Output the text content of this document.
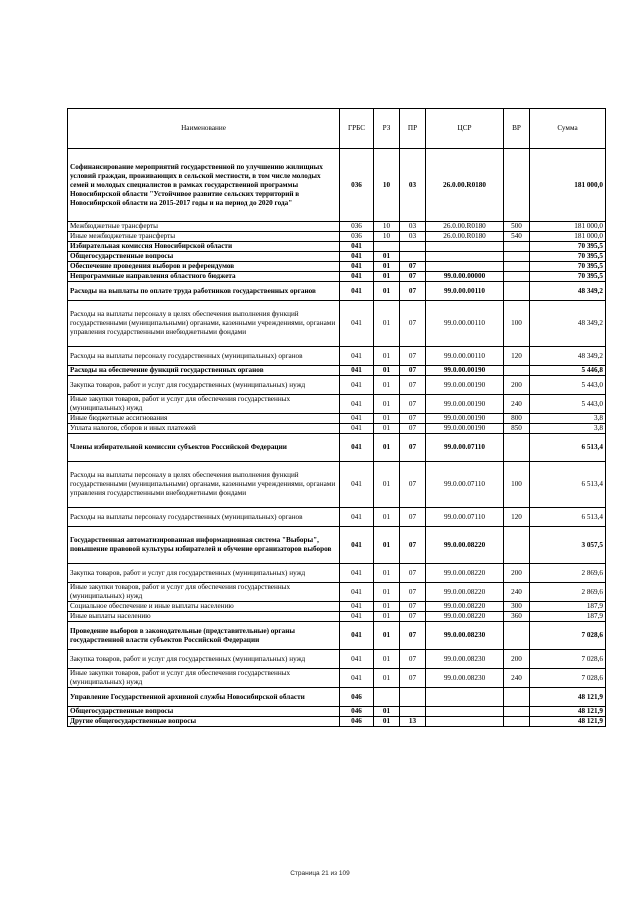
Наименование	ГРБС	РЗ	ПР	ЦСР	ВР	Сумма
Софинансирование мероприятий государственной по улучшению жилищных условий граждан, проживающих в сельской местности, в том числе молодых семей и молодых специалистов в рамках государственной программы Новосибирской области "Устойчивое развитие сельских территорий в Новосибирской области на 2015-2017 годы и на период до 2020 года"	036	10	03	26.0.00.R0180		181 000,0
Межбюджетные трансферты	036	10	03	26.0.00.R0180	500	181 000,0
Иные межбюджетные трансферты	036	10	03	26.0.00.R0180	540	181 000,0
Избирательная комиссия Новосибирской области	041					70 395,5
Общегосударственные вопросы	041	01				70 395,5
Обеспечение проведения выборов и референдумов	041	01	07			70 395,5
Непрограммные направления областного бюджета	041	01	07	99.0.00.00000		70 395,5
Расходы на выплаты по оплате труда работников государственных органов	041	01	07	99.0.00.00110		48 349,2
Расходы на выплаты персоналу в целях обеспечения выполнения функций государственными (муниципальными) органами, казенными учреждениями, органами управления государственными внебюджетными фондами	041	01	07	99.0.00.00110	100	48 349,2
Расходы на выплаты персоналу государственных (муниципальных) органов	041	01	07	99.0.00.00110	120	48 349,2
Расходы на обеспечение функций государственных органов	041	01	07	99.0.00.00190		5 446,8
Закупка товаров, работ и услуг для государственных (муниципальных) нужд	041	01	07	99.0.00.00190	200	5 443,0
Иные закупки товаров, работ и услуг для обеспечения государственных (муниципальных) нужд	041	01	07	99.0.00.00190	240	5 443,0
Иные бюджетные ассигнования	041	01	07	99.0.00.00190	800	3,8
Уплата налогов, сборов и иных платежей	041	01	07	99.0.00.00190	850	3,8
Члены избирательной комиссии субъектов Российской Федерации	041	01	07	99.0.00.07110		6 513,4
Расходы на выплаты персоналу в целях обеспечения выполнения функций государственными (муниципальными) органами, казенными учреждениями, органами управления государственными внебюджетными фондами	041	01	07	99.0.00.07110	100	6 513,4
Расходы на выплаты персоналу государственных (муниципальных) органов	041	01	07	99.0.00.07110	120	6 513,4
Государственная автоматизированная информационная система "Выборы", повышение правовой культуры избирателей и обучение организаторов выборов	041	01	07	99.0.00.08220		3 057,5
Закупка товаров, работ и услуг для государственных (муниципальных) нужд	041	01	07	99.0.00.08220	200	2 869,6
Иные закупки товаров, работ и услуг для обеспечения государственных (муниципальных) нужд	041	01	07	99.0.00.08220	240	2 869,6
Социальное обеспечение и иные выплаты населению	041	01	07	99.0.00.08220	300	187,9
Иные выплаты населению	041	01	07	99.0.00.08220	360	187,9
Проведение выборов в законодательные (представительные) органы государственной власти субъектов Российской Федерации	041	01	07	99.0.00.08230		7 028,6
Закупка товаров, работ и услуг для государственных (муниципальных) нужд	041	01	07	99.0.00.08230	200	7 028,6
Иные закупки товаров, работ и услуг для обеспечения государственных (муниципальных) нужд	041	01	07	99.0.00.08230	240	7 028,6
Управление Государственной архивной службы Новосибирской области	046					48 121,9
Общегосударственные вопросы	046	01				48 121,9
Другие общегосударственные вопросы	046	01	13			48 121,9
Страница 21 из 109
